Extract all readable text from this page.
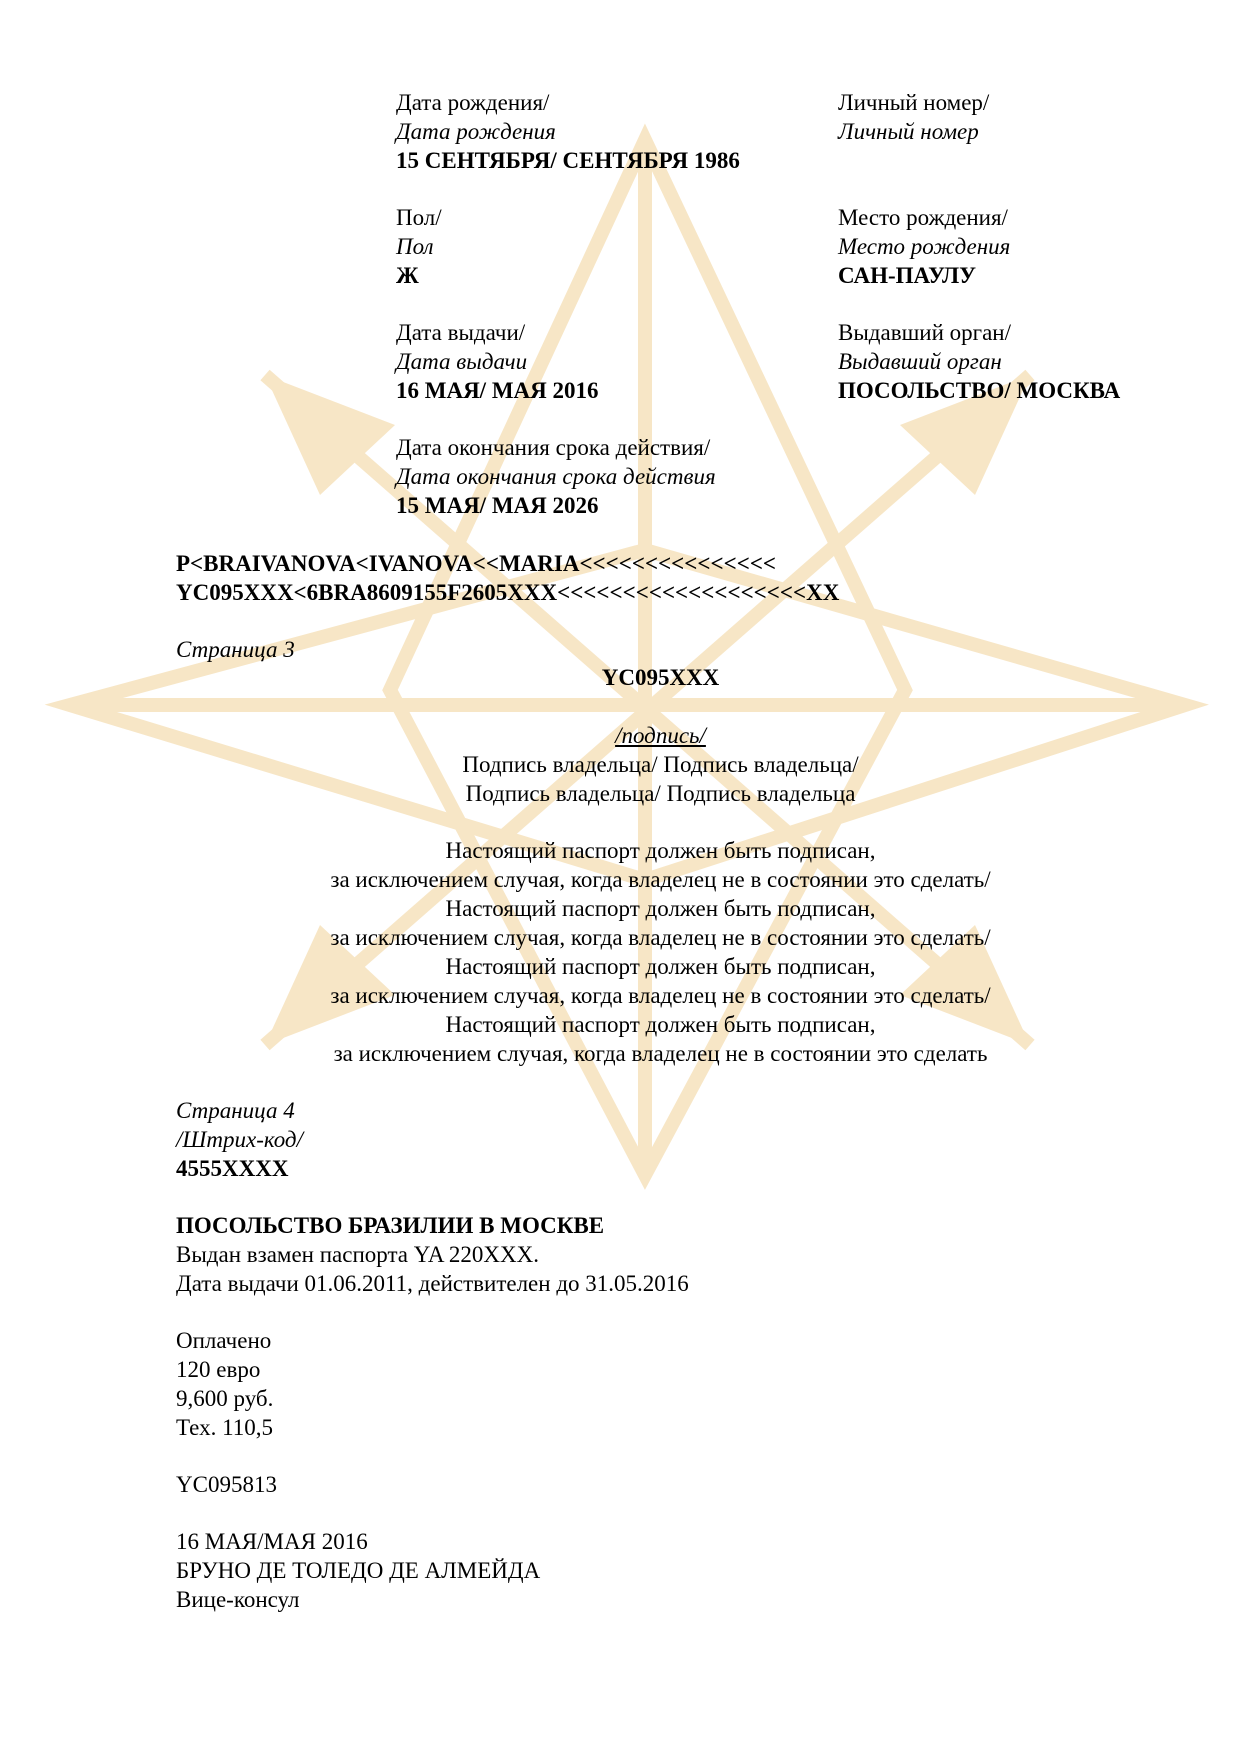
Дата рождения/
Дата рождения
15 СЕНТЯБРЯ/ СЕНТЯБРЯ 1986
Личный номер/
Личный номер
Пол/
Пол
Ж
Место рождения/
Место рождения
САН-ПАУЛУ
Дата выдачи/
Дата выдачи
16 МАЯ/ МАЯ 2016
Выдавший орган/
Выдавший орган
ПОСОЛЬСТВО/ МОСКВА
Дата окончания срока действия/
Дата окончания срока действия
15 МАЯ/ МАЯ 2026
P<BRAIVANOVA<IVANOVA<<MARIA<<<<<<<<<<<<<<<
YC095XXX<6BRA8609155F2605XXX<<<<<<<<<<<<<<<<<<<XX
Страница 3
YC095XXX
/подпись/
Подпись владельца/ Подпись владельца/
Подпись владельца/ Подпись владельца
Настоящий паспорт должен быть подписан,
за исключением случая, когда владелец не в состоянии это сделать/
Настоящий паспорт должен быть подписан,
за исключением случая, когда владелец не в состоянии это сделать/
Настоящий паспорт должен быть подписан,
за исключением случая, когда владелец не в состоянии это сделать/
Настоящий паспорт должен быть подписан,
за исключением случая, когда владелец не в состоянии это сделать
Страница 4
/Штрих-код/
4555XXXX
ПОСОЛЬСТВО БРАЗИЛИИ В МОСКВЕ
Выдан взамен паспорта YA 220XXX.
Дата выдачи 01.06.2011, действителен до 31.05.2016
Оплачено
120 евро
9,600 руб.
Тех. 110,5
YC095813
16 МАЯ/МАЯ 2016
БРУНО ДЕ ТОЛЕДО ДЕ АЛМЕЙДА
Вице-консул
